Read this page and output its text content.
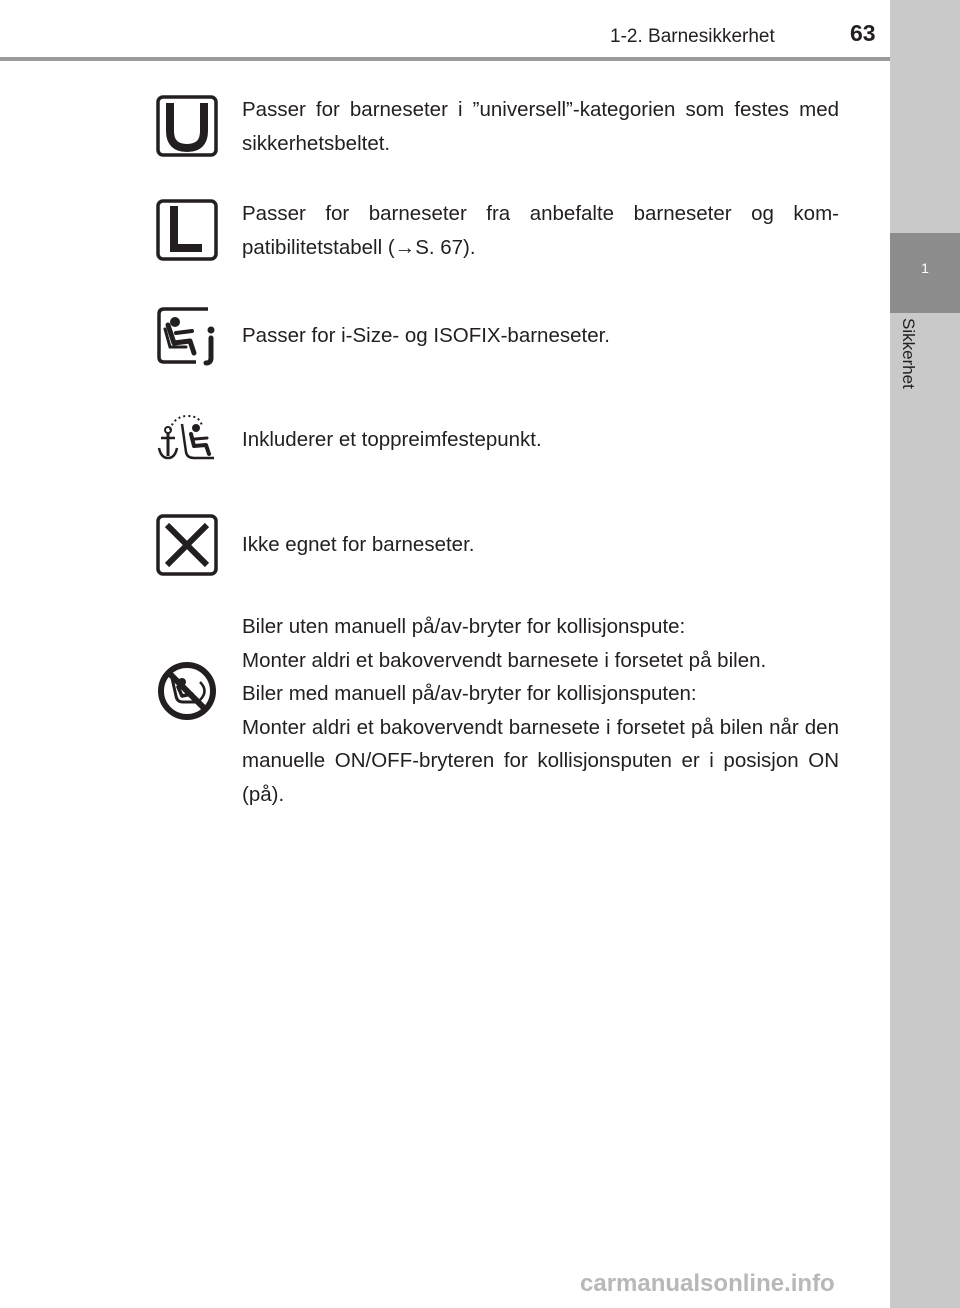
1-2. Barnesikkerhet	63
1
Sikkerhet
Passer for barneseter i ”universell”-kategorien som festes med sikkerhetsbeltet.
Passer for barneseter fra anbefalte barneseter og kom-patibilitetstabell (→S. 67).
Passer for i-Size- og ISOFIX-barneseter.
Inkluderer et toppreimfestepunkt.
Ikke egnet for barneseter.

Biler uten manuell på/av-bryter for kollisjonspute:

Monter aldri et bakovervendt barnesete i forsetet på bilen.

Biler med manuell på/av-bryter for kollisjonsputen:

Monter aldri et bakovervendt barnesete i forsetet på bilen når den manuelle ON/OFF-bryteren for kollisjonsputen er i posisjon ON (på).

carmanualsonline.info
